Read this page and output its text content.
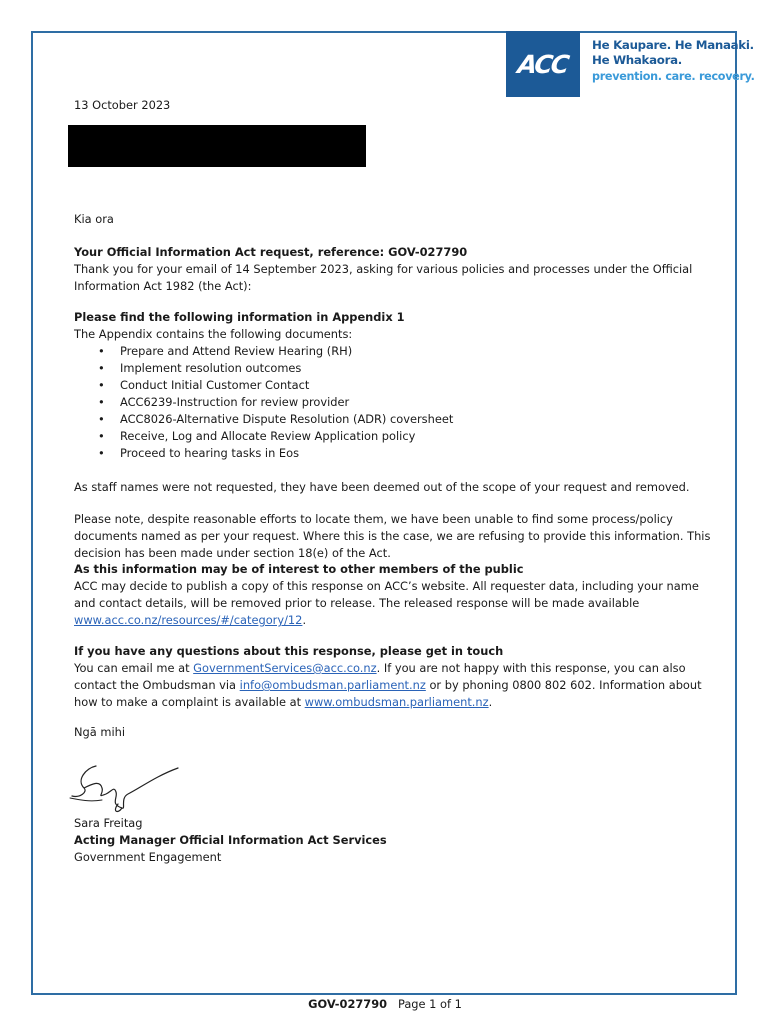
ACC
He Kaupare. He Manaaki.
He Whakaora.
prevention. care. recovery.
13 October 2023
Kia ora
Your Official Information Act request, reference: GOV-027790
Thank you for your email of 14 September 2023, asking for various policies and processes under the Official Information Act 1982 (the Act):
Please find the following information in Appendix 1
The Appendix contains the following documents:
• Prepare and Attend Review Hearing (RH)
• Implement resolution outcomes
• Conduct Initial Customer Contact
• ACC6239-Instruction for review provider
• ACC8026-Alternative Dispute Resolution (ADR) coversheet
• Receive, Log and Allocate Review Application policy
• Proceed to hearing tasks in Eos
As staff names were not requested, they have been deemed out of the scope of your request and removed.
Please note, despite reasonable efforts to locate them, we have been unable to find some process/policy documents named as per your request. Where this is the case, we are refusing to provide this information. This decision has been made under section 18(e) of the Act.
As this information may be of interest to other members of the public
ACC may decide to publish a copy of this response on ACC’s website. All requester data, including your name and contact details, will be removed prior to release. The released response will be made available www.acc.co.nz/resources/#/category/12.
If you have any questions about this response, please get in touch
You can email me at GovernmentServices@acc.co.nz. If you are not happy with this response, you can also contact the Ombudsman via info@ombudsman.parliament.nz or by phoning 0800 802 602. Information about how to make a complaint is available at www.ombudsman.parliament.nz.
Ngā mihi
Sara Freitag
Acting Manager Official Information Act Services
Government Engagement
GOV-027790 Page 1 of 1
